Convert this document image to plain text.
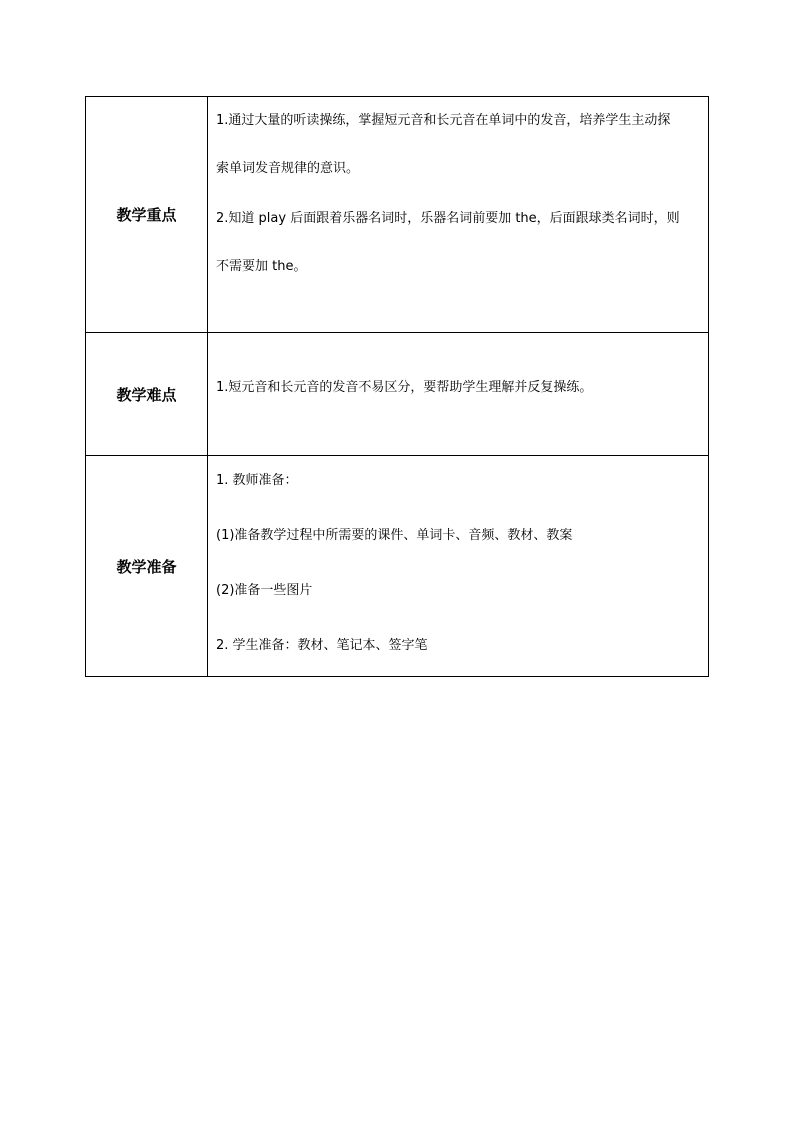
教学重点	1.通过大量的听读操练，掌握短元音和长元音在单词中的发音，培养学生主动探

索单词发音规律的意识。

2.知道 play 后面跟着乐器名词时，乐器名词前要加 the，后面跟球类名词时，则

不需要加 the。

教学难点	1.短元音和长元音的发音不易区分，要帮助学生理解并反复操练。

教学准备	1. 教师准备：

(1)准备教学过程中所需要的课件、单词卡、音频、教材、教案

(2)准备一些图片

2. 学生准备：教材、笔记本、签字笔
